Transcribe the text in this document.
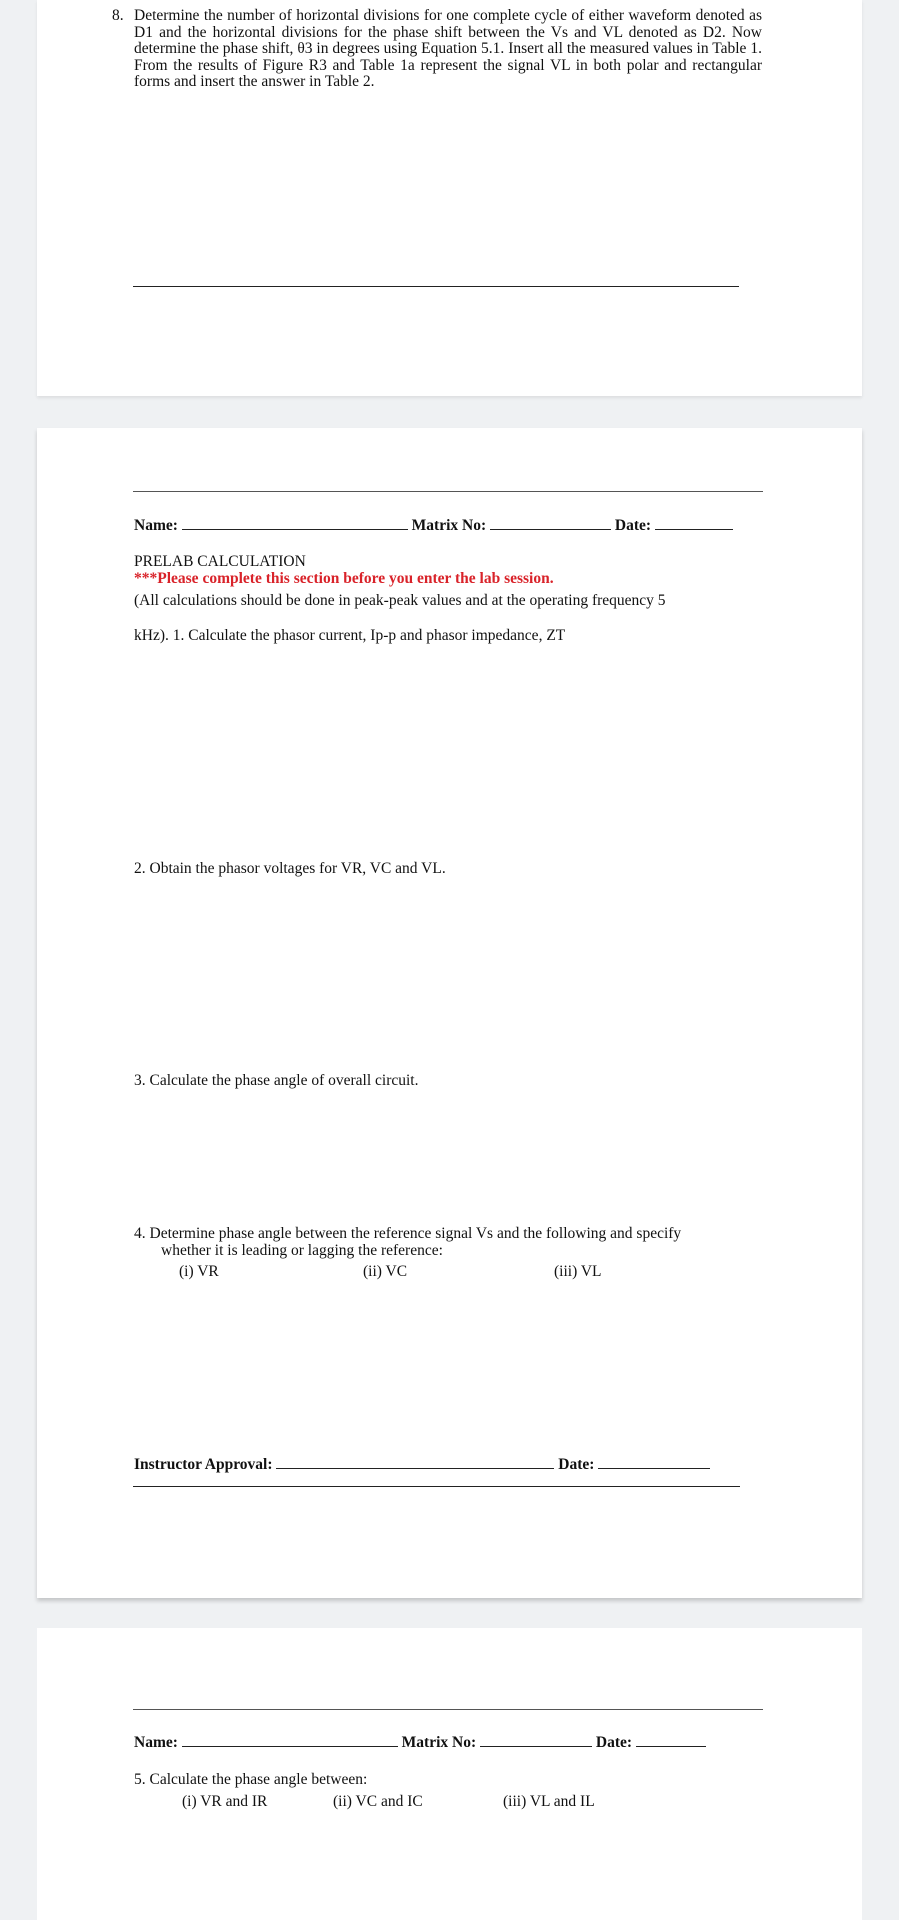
8. Determine the number of horizontal divisions for one complete cycle of either waveform denoted as D1 and the horizontal divisions for the phase shift between the Vs and VL denoted as D2. Now determine the phase shift, θ3 in degrees using Equation 5.1. Insert all the measured values in Table 1. From the results of Figure R3 and Table 1a represent the signal VL in both polar and rectangular forms and insert the answer in Table 2.
Name:	Matrix No:	Date:
PRELAB CALCULATION
***Please complete this section before you enter the lab session.
(All calculations should be done in peak-peak values and at the operating frequency 5
kHz). 1. Calculate the phasor current, Ip-p and phasor impedance, ZT
2. Obtain the phasor voltages for VR, VC and VL.
3. Calculate the phase angle of overall circuit.
4. Determine phase angle between the reference signal Vs and the following and specify
whether it is leading or lagging the reference:
(i) VR	(ii) VC	(iii) VL
Instructor Approval:	Date:
Name:	Matrix No:	Date:
5. Calculate the phase angle between:
(i) VR and IR	(ii) VC and IC	(iii) VL and IL
